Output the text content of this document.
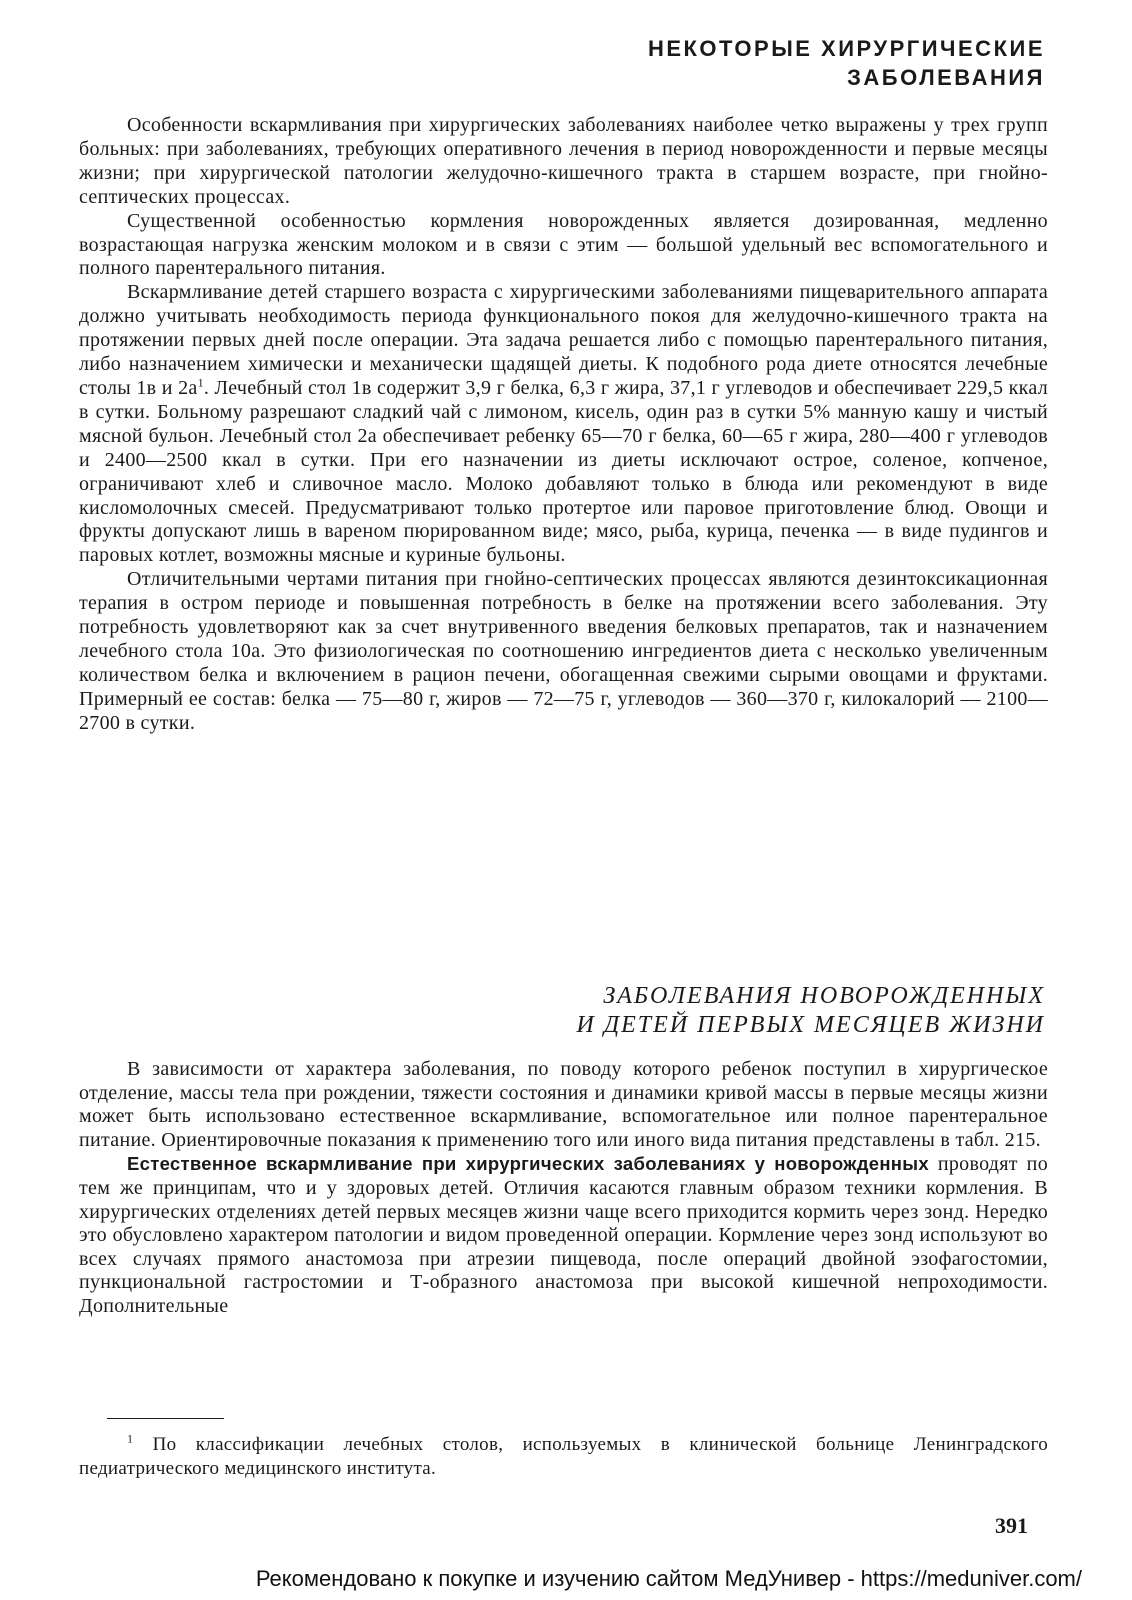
НЕКОТОРЫЕ ХИРУРГИЧЕСКИЕ
ЗАБОЛЕВАНИЯ

Особенности вскармливания при хирургических заболеваниях наиболее четко выражены у трех групп больных: при заболеваниях, требующих оперативного лечения в период новорожденности и первые месяцы жизни; при хирургической патологии желудочно-кишечного тракта в старшем возрасте, при гнойно-септических процессах.

Существенной особенностью кормления новорожденных является дозированная, медленно возрастающая нагрузка женским молоком и в связи с этим — большой удельный вес вспомогательного и полного парентерального питания.

Вскармливание детей старшего возраста с хирургическими заболеваниями пищеварительного аппарата должно учитывать необходимость периода функционального покоя для желудочно-кишечного тракта на протяжении первых дней после операции. Эта задача решается либо с помощью парентерального питания, либо назначением химически и механически щадящей диеты. К подобного рода диете относятся лечебные столы 1в и $2а^1$. Лечебный стол 1в содержит 3,9 г белка, 6,3 г жира, 37,1 г углеводов и обеспечивает 229,5 ккал в сутки. Больному разрешают сладкий чай с лимоном, кисель, один раз в сутки 5% манную кашу и чистый мясной бульон. Лечебный стол 2а обеспечивает ребенку 65—70 г белка, 60—65 г жира, 280—400 г углеводов и 2400—2500 ккал в сутки. При его назначении из диеты исключают острое, соленое, копченое, ограничивают хлеб и сливочное масло. Молоко добавляют только в блюда или рекомендуют в виде кисломолочных смесей. Предусматривают только протертое или паровое приготовление блюд. Овощи и фрукты допускают лишь в вареном пюрированном виде; мясо, рыба, курица, печенка — в виде пудингов и паровых котлет, возможны мясные и куриные бульоны.

Отличительными чертами питания при гнойно-септических процессах являются дезинтоксикационная терапия в остром периоде и повышенная потребность в белке на протяжении всего заболевания. Эту потребность удовлетворяют как за счет внутривенного введения белковых препаратов, так и назначением лечебного стола 10а. Это физиологическая по соотношению ингредиентов диета с несколько увеличенным количеством белка и включением в рацион печени, обогащенная свежими сырыми овощами и фруктами. Примерный ее состав: белка — 75—80 г, жиров — 72—75 г, углеводов — 360—370 г, килокалорий — 2100—2700 в сутки.

ЗАБОЛЕВАНИЯ НОВОРОЖДЕННЫХ
И ДЕТЕЙ ПЕРВЫХ МЕСЯЦЕВ ЖИЗНИ

В зависимости от характера заболевания, по поводу которого ребенок поступил в хирургическое отделение, массы тела при рождении, тяжести состояния и динамики кривой массы в первые месяцы жизни может быть использовано естественное вскармливание, вспомогательное или полное парентеральное питание. Ориентировочные показания к применению того или иного вида питания представлены в табл. 215.

Естественное вскармливание при хирургических заболеваниях у новорожденных проводят по тем же принципам, что и у здоровых детей. Отличия касаются главным образом техники кормления. В хирургических отделениях детей первых месяцев жизни чаще всего приходится кормить через зонд. Нередко это обусловлено характером патологии и видом проведенной операции. Кормление через зонд используют во всех случаях прямого анастомоза при атрезии пищевода, после операций двойной эзофагостомии, пункциональной гастростомии и Т-образного анастомоза при высокой кишечной непроходимости. Дополнительные

$^1$ По классификации лечебных столов, используемых в клинической больнице Ленинградского педиатрического медицинского института.

391
Рекомендовано к покупке и изучению сайтом МедУнивер - https://meduniver.com/
